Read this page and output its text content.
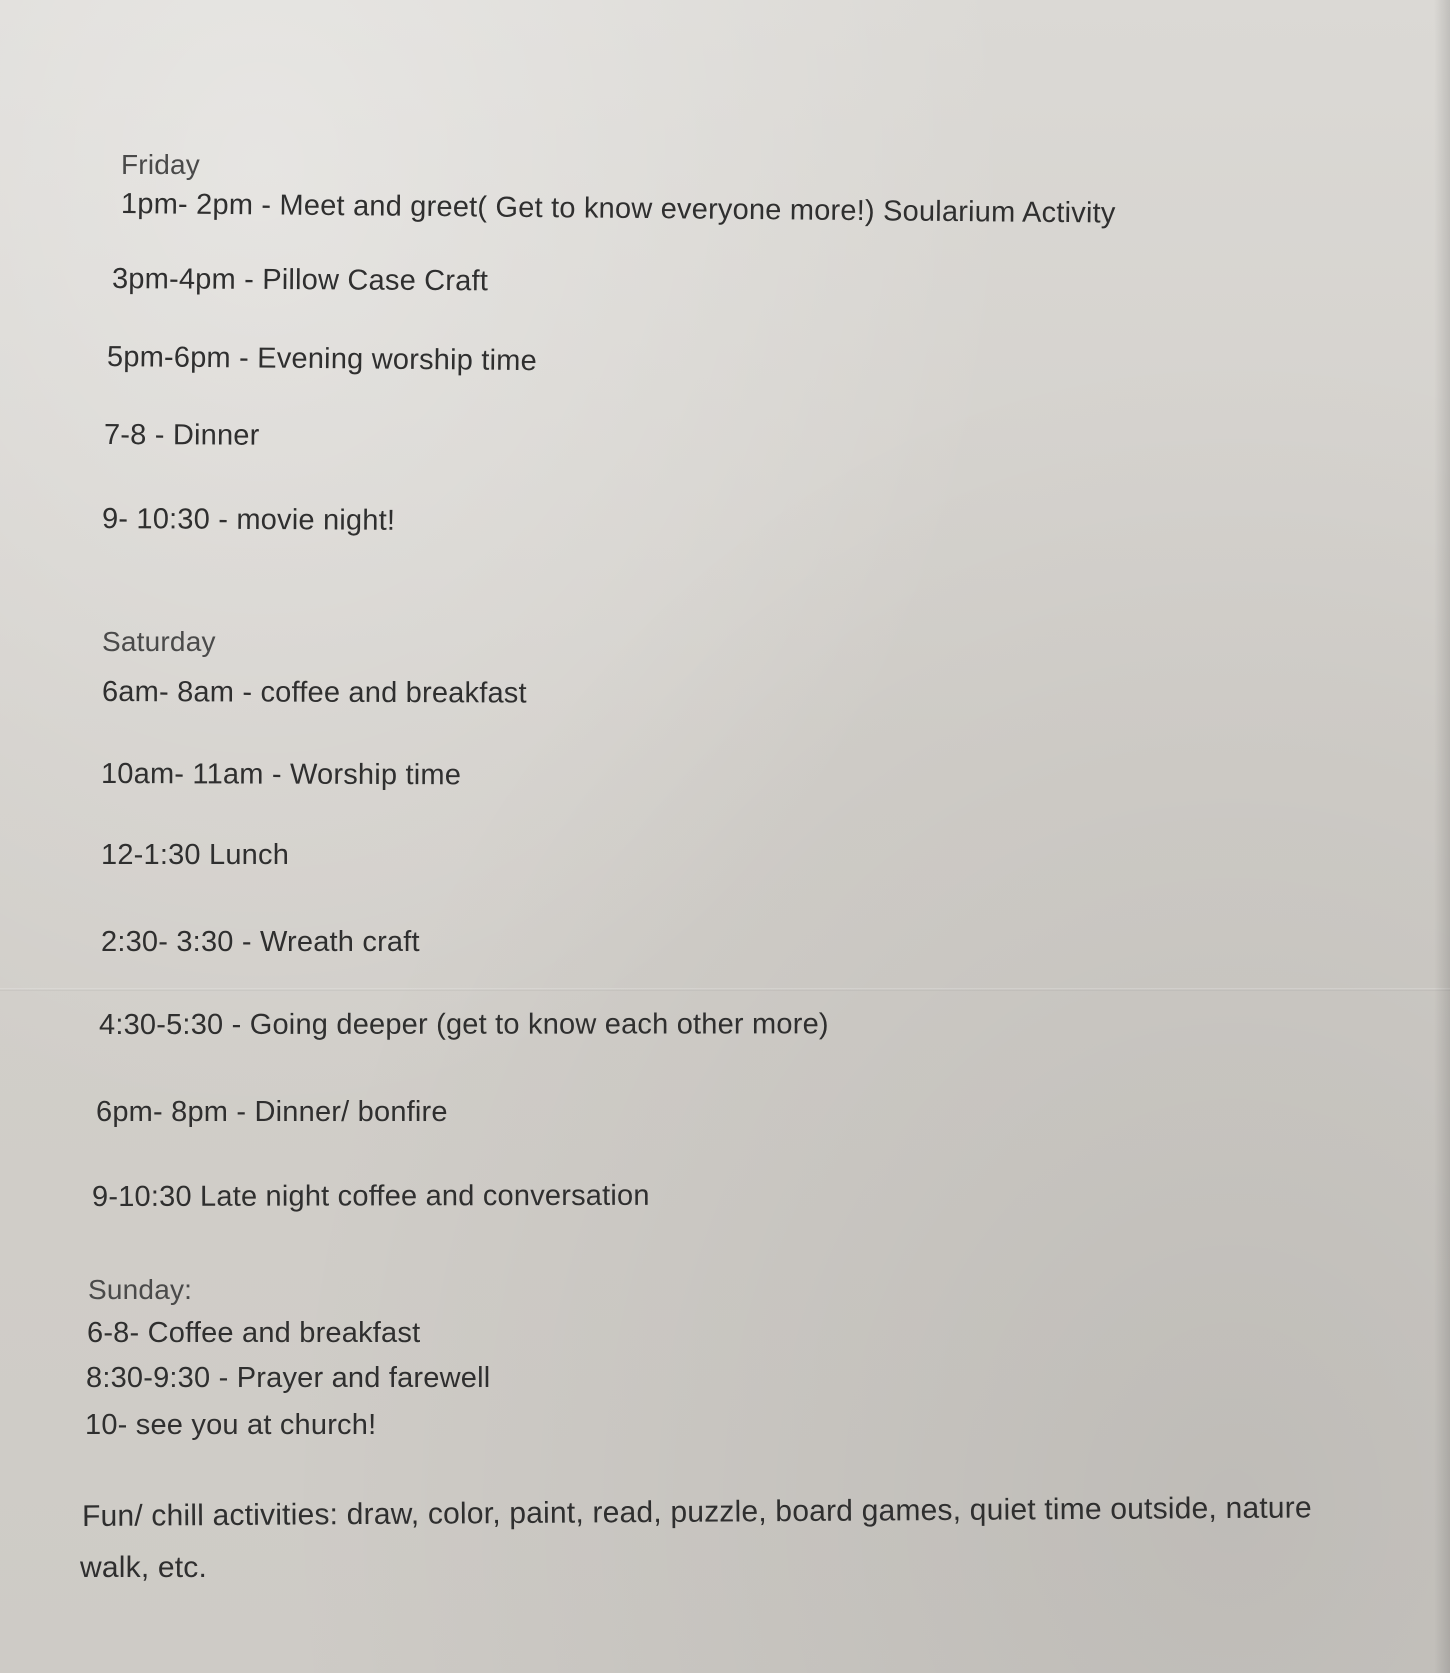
Friday
1pm- 2pm - Meet and greet( Get to know everyone more!) Soularium Activity
3pm-4pm - Pillow Case Craft
5pm-6pm - Evening worship time
7-8 - Dinner
9- 10:30 - movie night!
Saturday
6am- 8am - coffee and breakfast
10am- 11am - Worship time
12-1:30 Lunch
2:30- 3:30 - Wreath craft
4:30-5:30 - Going deeper (get to know each other more)
6pm- 8pm - Dinner/ bonfire
9-10:30 Late night coffee and conversation
Sunday:
6-8- Coffee and breakfast
8:30-9:30 - Prayer and farewell
10- see you at church!
Fun/ chill activities: draw, color, paint, read, puzzle, board games, quiet time outside, nature
walk, etc.
